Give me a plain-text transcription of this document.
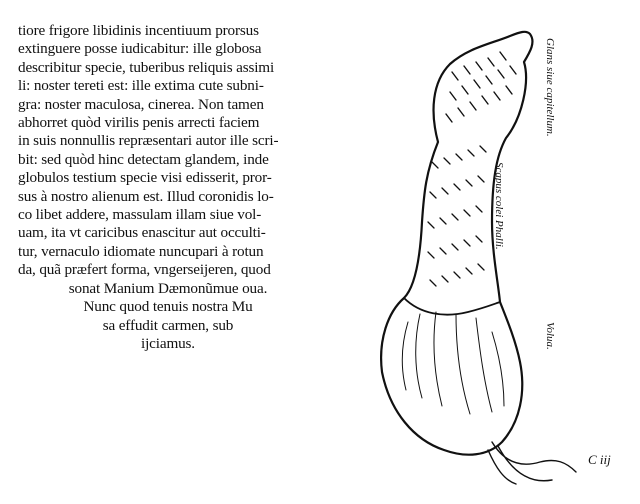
tiore frigore libidinis incentiuum prorsus
extinguere posse iudicabitur: ille globosa
describitur specie, tuberibus reliquis assimi
li: noster tereti est: ille extima cute subni-
gra: noster maculosa, cinerea. Non tamen
abhorret quòd virilis penis arrecti faciem
in suis nonnullis repræsentari autor ille scri-
bit: sed quòd hinc detectam glandem, inde
globulos testium specie visi edisserit, pror-
sus à nostro alienum est. Illud coronidis lo-
co libet addere, massulam illam siue vol-
uam, ita vt caricibus enascitur aut occulti-
tur, vernaculo idiomate nuncupari à rotun
da, quã præfert forma, vngerseijeren, quod
sonat Manium Dæmonũmue oua.
Nunc quod tenuis nostra Mu
sa effudit carmen, sub
ijciamus.
Glans siue capitellum.
Scapus colei Phalli.
Volua.
C iij
